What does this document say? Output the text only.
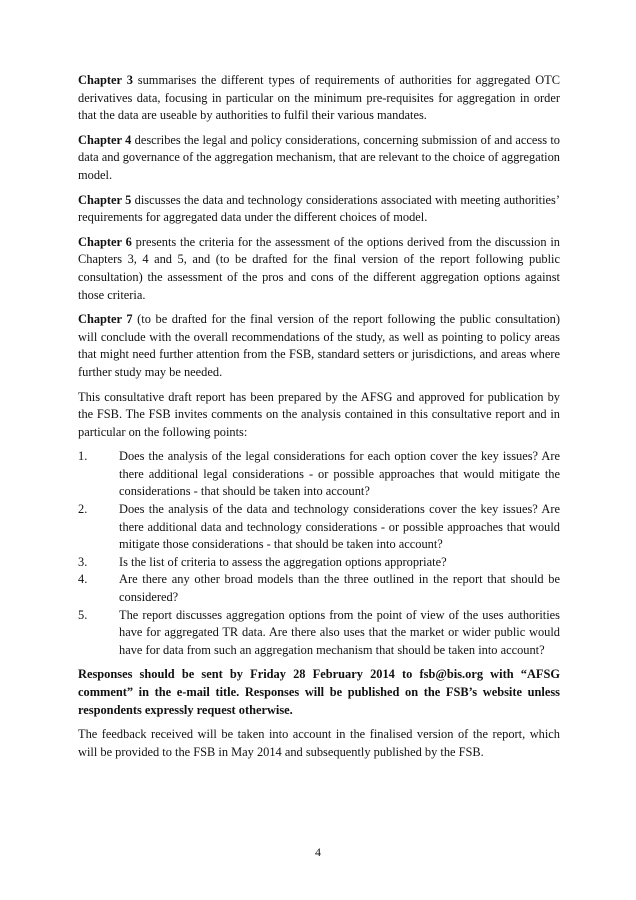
Chapter 3 summarises the different types of requirements of authorities for aggregated OTC derivatives data, focusing in particular on the minimum pre-requisites for aggregation in order that the data are useable by authorities to fulfil their various mandates.

Chapter 4 describes the legal and policy considerations, concerning submission of and access to data and governance of the aggregation mechanism, that are relevant to the choice of aggregation model.

Chapter 5 discusses the data and technology considerations associated with meeting authorities’ requirements for aggregated data under the different choices of model.

Chapter 6 presents the criteria for the assessment of the options derived from the discussion in Chapters 3, 4 and 5, and (to be drafted for the final version of the report following public consultation) the assessment of the pros and cons of the different aggregation options against those criteria.

Chapter 7 (to be drafted for the final version of the report following the public consultation) will conclude with the overall recommendations of the study, as well as pointing to policy areas that might need further attention from the FSB, standard setters or jurisdictions, and areas where further study may be needed.

This consultative draft report has been prepared by the AFSG and approved for publication by the FSB. The FSB invites comments on the analysis contained in this consultative report and in particular on the following points:

1.	Does the analysis of the legal considerations for each option cover the key issues? Are there additional legal considerations - or possible approaches that would mitigate the considerations - that should be taken into account?
2.	Does the analysis of the data and technology considerations cover the key issues? Are there additional data and technology considerations - or possible approaches that would mitigate those considerations - that should be taken into account?
3.	Is the list of criteria to assess the aggregation options appropriate?
4.	Are there any other broad models than the three outlined in the report that should be considered?
5.	The report discusses aggregation options from the point of view of the uses authorities have for aggregated TR data. Are there also uses that the market or wider public would have for data from such an aggregation mechanism that should be taken into account?

Responses should be sent by Friday 28 February 2014 to fsb@bis.org with “AFSG comment” in the e-mail title. Responses will be published on the FSB’s website unless respondents expressly request otherwise.

The feedback received will be taken into account in the finalised version of the report, which will be provided to the FSB in May 2014 and subsequently published by the FSB.

4
